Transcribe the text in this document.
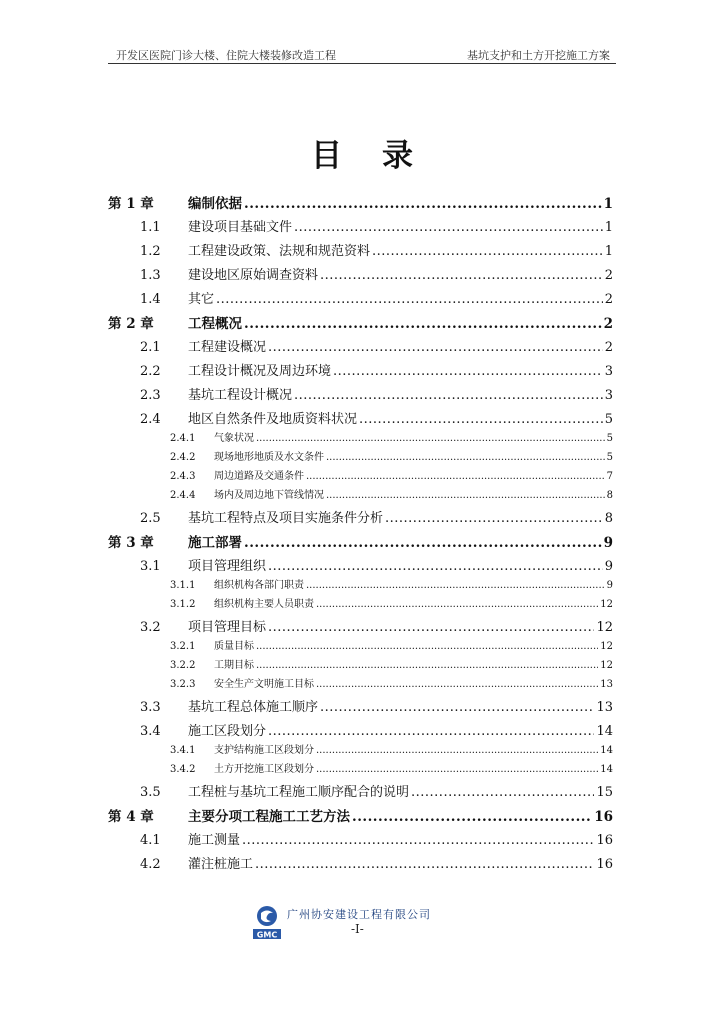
开发区医院门诊大楼、住院大楼装修改造工程	基坑支护和土方开挖施工方案
目录
第 1 章	编制依据 .....	1
1.1	建设项目基础文件 .....	1
1.2	工程建设政策、法规和规范资料 .....	1
1.3	建设地区原始调查资料 .....	2
1.4	其它 .....	2
第 2 章	工程概况 .....	2
2.1	工程建设概况 .....	2
2.2	工程设计概况及周边环境 .....	3
2.3	基坑工程设计概况 .....	3
2.4	地区自然条件及地质资料状况 .....	5
2.4.1	气象状况 .....	5
2.4.2	现场地形地质及水文条件 .....	5
2.4.3	周边道路及交通条件 .....	7
2.4.4	场内及周边地下管线情况 .....	8
2.5	基坑工程特点及项目实施条件分析 .....	8
第 3 章	施工部署 .....	9
3.1	项目管理组织 .....	9
3.1.1	组织机构各部门职责 .....	9
3.1.2	组织机构主要人员职责 .....	12
3.2	项目管理目标 .....	12
3.2.1	质量目标 .....	12
3.2.2	工期目标 .....	12
3.2.3	安全生产文明施工目标 .....	13
3.3	基坑工程总体施工顺序 .....	13
3.4	施工区段划分 .....	14
3.4.1	支护结构施工区段划分 .....	14
3.4.2	土方开挖施工区段划分 .....	14
3.5	工程桩与基坑工程施工顺序配合的说明 .....	15
第 4 章	主要分项工程施工工艺方法 .....	16
4.1	施工测量 .....	16
4.2	灌注桩施工 .....	16
GMC
广州协安建设工程有限公司
-I-
